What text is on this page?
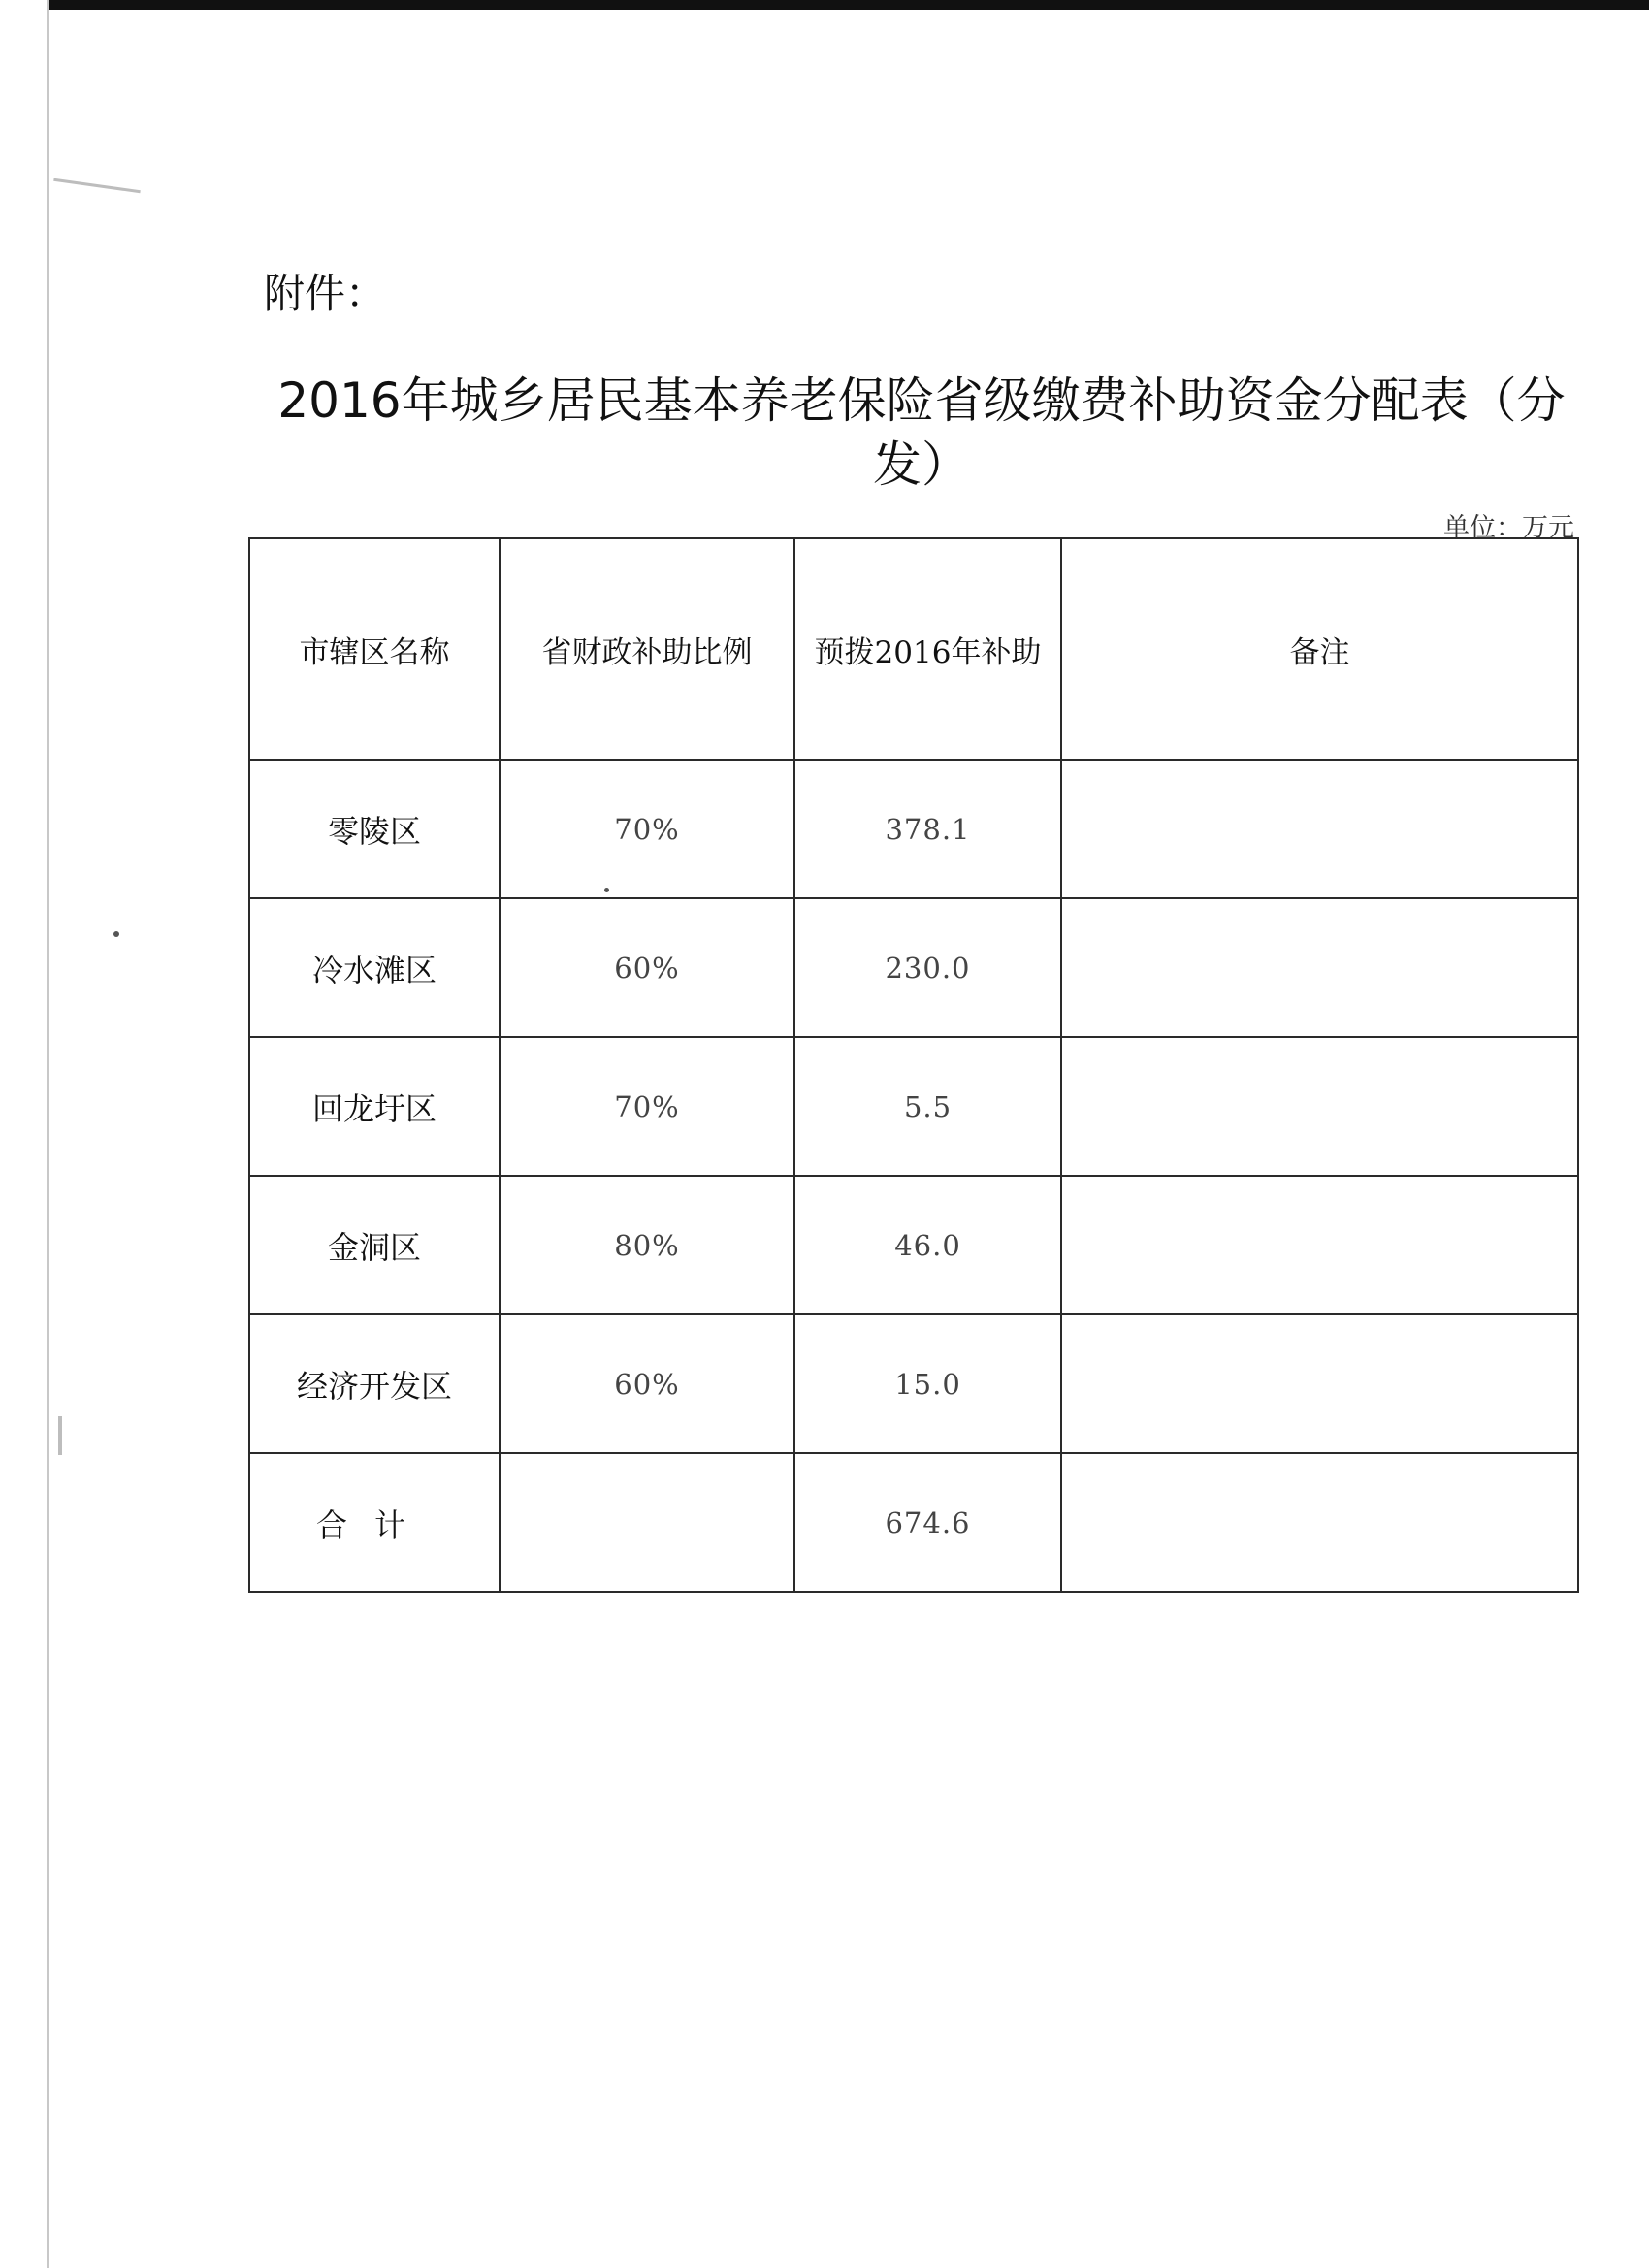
附件：
2016年城乡居民基本养老保险省级缴费补助资金分配表（分发）
单位：万元
市辖区名称	省财政补助比例	预拨2016年补助	备注
零陵区	70%	378.1	
冷水滩区	60%	230.0	
回龙圩区	70%	5.5	
金洞区	80%	46.0	
经济开发区	60%	15.0	
合计		674.6	
